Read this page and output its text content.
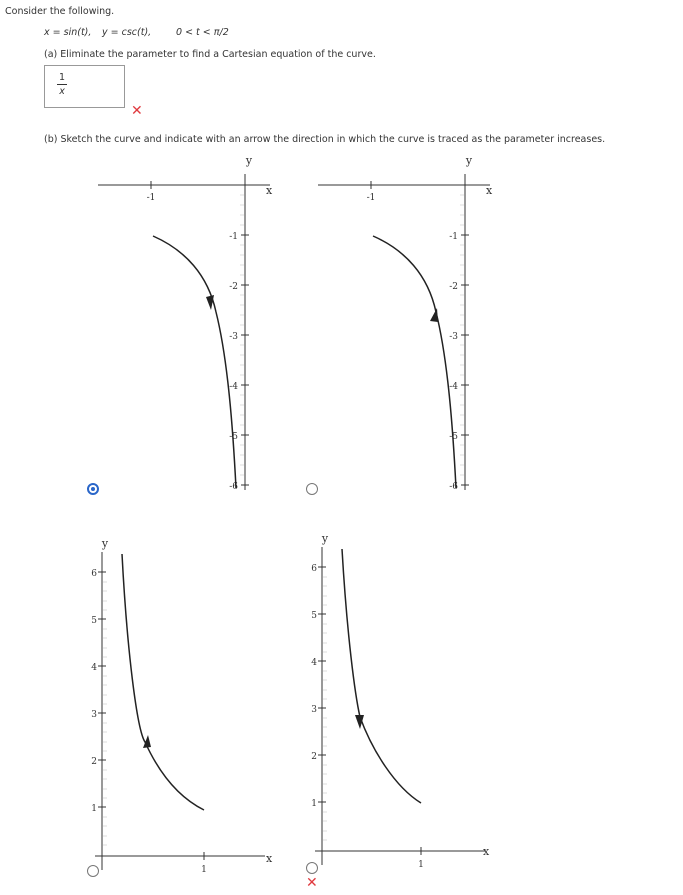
Consider the following.
x = sin(t), y = csc(t),	0 < t < π/2
(a) Eliminate the parameter to find a Cartesian equation of the curve.
1
x
✕
(b) Sketch the curve and indicate with an arrow the direction in which the curve is traced as the parameter increases.
-1
x
y
-1
-2
-3
-4
-5
-6
-1
x
y
-1
-2
-3
-4
-5
-6
1
x
y
6
5
4
3
2
1
1
x
y
6
5
4
3
2
1
✕
